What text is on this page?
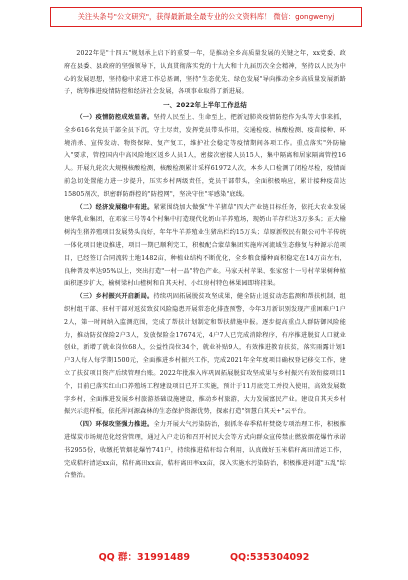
关注头条号"公文研究"，获得最新最全最专业的公文资料库！ 微信：gongwenyj

2022年是"十四五"规划承上启下的重要一年，是推动全乡高质量发展的关键之年，xx党委、政府在县委、县政府的坚强领导下，认真贯彻落实党的十九大和十九届历次全会精神，坚持以人民为中心的发展思想，坚持稳中求进工作总基调，坚持"生态优先、绿色发展"导向推动全乡高质量发展新路子，统筹推进疫情防控和经济社会发展，各项事业取得了新进展。

一、2022年上半年工作总结

（一）疫情防控成效显著。坚持人民至上、生命至上，把新冠肺炎疫情防控作为头等大事来抓，全乡616名党员干部全员下沉，守土尽责，发挥党员带头作用，交通检疫、核酸检测、疫苗接种、环境消杀、宣传发动、物资保障、复产复工，维护社会稳定等疫情期间各项工作。重点落实"外防输入"要求，管控国内中高风险地区返乡人员1人，密接次密接人员15人，集中隔离和居家隔离管控16人。开展九轮次大规模核酸检测，核酸检测累计采样61972人次，本乡人口检测了闭检尽检，疫情面前急切处置能力进一步提升，压实乡村两级责任，党员干部带头，全面积极响应，累计接种疫苗达15805剂次，织密群防群控的"防控网"，坚决守住"零感染"底线。

（二）经济发展稳中有进。紧紧围绕加大做强"牛羊猪草"四大产业链目标任务，依托大农业发展建华乳业集团，在邓家三号等4个村集中打造现代化奶山羊养殖场，现奶山羊存栏达3万多头；正大榆树沟生猪养殖项目发展势头良好，年年牛羊养殖业生猪出栏约15万头；草原新牧民有限公司牛羊传统一体化项目建设推进，项目一期已顺利完工，积极配合蒙草集团实施库河流域生态修复与种源示范项目，已经签订合同流转土地1482亩，种植业结构不断优化，全乡粮食播种面积稳定在14万亩左右，良种普及率达95%以上，突出打造"一村一品"特色产业。马家天村苹果、张家窑十一号村苹果树种植面积逐步扩大，榆树梁村山楂树和自其天村、小红房村特色林果园即将挂果。

（三）乡村振兴开启新局。持续巩固拓展脱贫攻坚成果，健全防止返贫动态监测和帮扶机制，组织村组干部、驻村干部对返贫致贫风险隐患开展常态化排查预警，今年3月新识别发现产重困难户1户2人，第一时间纳入监测范围，完成了帮扶计划制定和帮扶措施申报。逐步提高重点人群防御风险能力，推动防贫保险2户3人，发放保险金17674元，4户7人已完成消除程序，有序推进脱贫人口就业创业，新增了就业岗位68人，公益性岗位34个，就业补贴9人，有效推进教育扶贫，落实雨露计划1户3人每人每学期1500元，全面推进乡村振兴工作，完成2021年全年度项目确权登记移交工作，建立了扶贫项目资产后续管理台账。2022年批准入库巩固拓展脱贫攻坚成果与乡村振兴有效衔接项目1个，目前已落实红山口养殖场工程建设项目已开工实施，预计于11月底完工并投入使用，高效发展数字乡村，全面推进发展乡村旅游基础设施建设，推动乡村旅游，大力发展富民产业。建设自其天乡村振兴示范样板，依托浑河源森林的生态保护资源优势，探索打造"智慧白其天+"云平台。

（四）环保攻坚强力推进。全力开展大气污染防治，狠抓冬春季秸秆焚烧专项治理工作，积极推进煤炭市场规范化经营管理，通过入户走访和召开村民大会等方式向群众宣传禁止燃放烟花爆竹承诺书2955份，收缴托管烟花爆竹741户，持续推进秸秆综合利用，认真做好玉米秸秆离田清运工作，完成秸秆清运xx亩，秸秆离田xx亩，秸秆离田率xx亩，深入实施水污染防治，积极推进河道"五乱"综合整治。

QQ 群：31991489	QQ:535304092
